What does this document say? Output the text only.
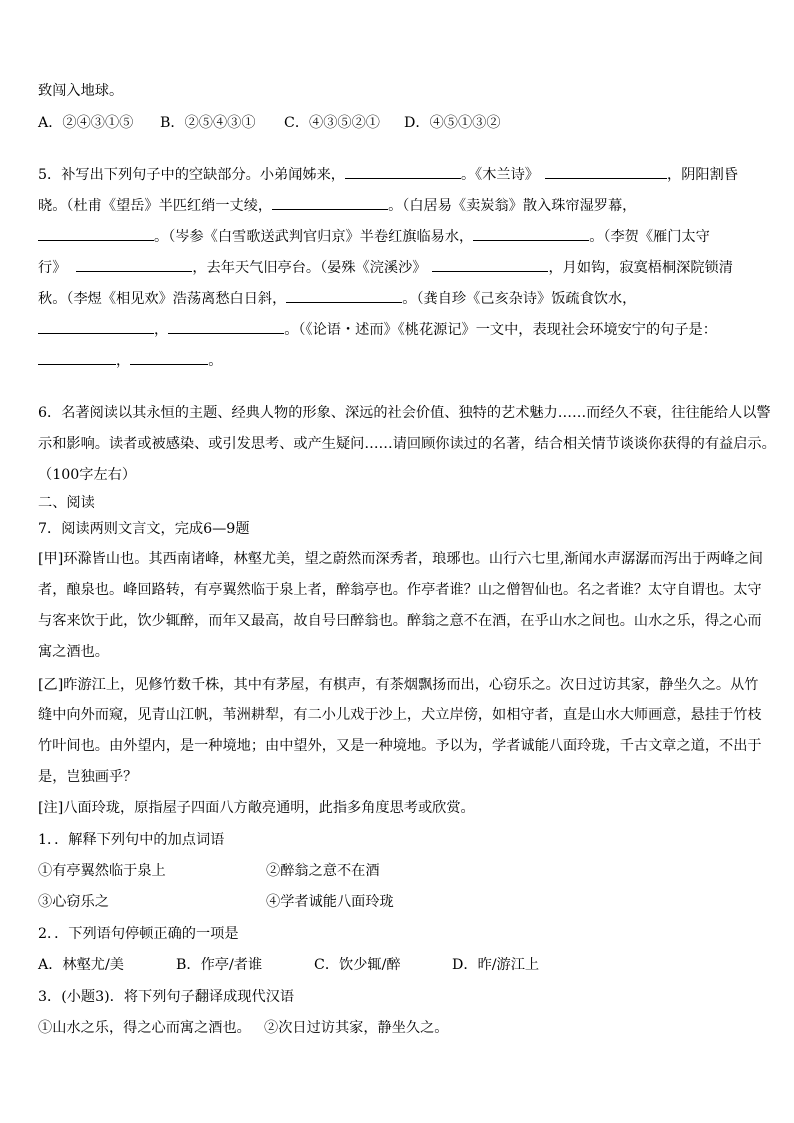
致闯入地球。
A．②④③①⑤ B．②⑤④③① C．④③⑤②① D．④⑤①③②
5．补写出下列句子中的空缺部分。小弟闻姊来，	。《木兰诗》	，阴阳割昏
晓。（杜甫《望岳》半匹红绡一丈绫，	。（白居易《卖炭翁》散入珠帘湿罗幕，
。（岑参《白雪歌送武判官归京》半卷红旗临易水，	。（李贺《雁门太守
行》	，去年天气旧亭台。（晏殊《浣溪沙》	，月如钩，寂寞梧桐深院锁清
秋。（李煜《相见欢》浩荡离愁白日斜，	。（龚自珍《己亥杂诗》饭疏食饮水，
，	。（《论语・述而》《桃花源记》一文中，表现社会环境安宁的句子是：
，	。
6．名著阅读以其永恒的主题、经典人物的形象、深远的社会价值、独特的艺术魅力……而经久不衰，往往能给人以警
示和影响。读者或被感染、或引发思考、或产生疑问……请回顾你读过的名著，结合相关情节谈谈你获得的有益启示。
（100字左右）
二、阅读
7．阅读两则文言文，完成6—9题
[甲]环滁皆山也。其西南诸峰，林壑尤美，望之蔚然而深秀者，琅琊也。山行六七里,渐闻水声潺潺而泻出于两峰之间
者，酿泉也。峰回路转，有亭翼然临于泉上者，醉翁亭也。作亭者谁？山之僧智仙也。名之者谁？太守自谓也。太守
与客来饮于此，饮少辄醉，而年又最高，故自号曰醉翁也。醉翁之意不在酒，在乎山水之间也。山水之乐，得之心而
寓之酒也。
[乙]昨游江上，见修竹数千株，其中有茅屋，有棋声，有茶烟飘扬而出，心窃乐之。次日过访其家，静坐久之。从竹
缝中向外而窥，见青山江帆，苇洲耕犁，有二小儿戏于沙上，犬立岸傍，如相守者，直是山水大师画意，悬挂于竹枝
竹叶间也。由外望内，是一种境地；由中望外，又是一种境地。予以为，学者诚能八面玲珑，千古文章之道，不出于
是，岂独画乎？
[注]八面玲珑，原指屋子四面八方敞亮通明，此指多角度思考或欣赏。
1．．解释下列句中的加点词语
①有亭翼然临于泉上	②醉翁之意不在酒
③心窃乐之	④学者诚能八面玲珑
2．．下列语句停顿正确的一项是
A．林壑尤/美	B．作亭/者谁	C．饮少辄/醉	D．昨/游江上
3．(小题3)．将下列句子翻译成现代汉语
①山水之乐，得之心而寓之酒也。 ②次日过访其家，静坐久之。
